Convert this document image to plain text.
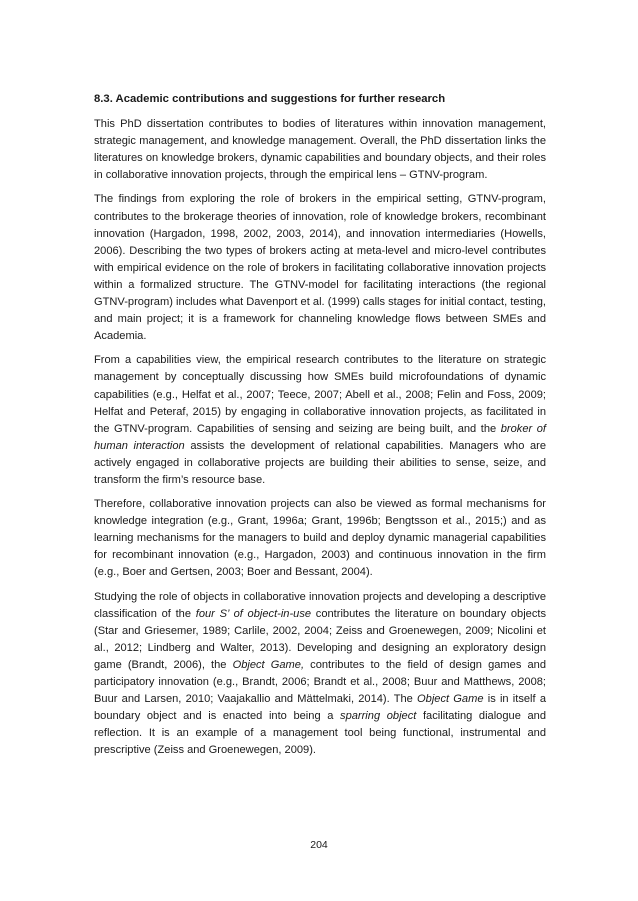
8.3. Academic contributions and suggestions for further research

This PhD dissertation contributes to bodies of literatures within innovation management, strategic management, and knowledge management. Overall, the PhD dissertation links the literatures on knowledge brokers, dynamic capabilities and boundary objects, and their roles in collaborative innovation projects, through the empirical lens – GTNV-program.

The findings from exploring the role of brokers in the empirical setting, GTNV-program, contributes to the brokerage theories of innovation, role of knowledge brokers, recombinant innovation (Hargadon, 1998, 2002, 2003, 2014), and innovation intermediaries (Howells, 2006). Describing the two types of brokers acting at meta-level and micro-level contributes with empirical evidence on the role of brokers in facilitating collaborative innovation projects within a formalized structure. The GTNV-model for facilitating interactions (the regional GTNV-program) includes what Davenport et al. (1999) calls stages for initial contact, testing, and main project; it is a framework for channeling knowledge flows between SMEs and Academia.

From a capabilities view, the empirical research contributes to the literature on strategic management by conceptually discussing how SMEs build microfoundations of dynamic capabilities (e.g., Helfat et al., 2007; Teece, 2007; Abell et al., 2008; Felin and Foss, 2009; Helfat and Peteraf, 2015) by engaging in collaborative innovation projects, as facilitated in the GTNV-program. Capabilities of sensing and seizing are being built, and the broker of human interaction assists the development of relational capabilities. Managers who are actively engaged in collaborative projects are building their abilities to sense, seize, and transform the firm’s resource base.

Therefore, collaborative innovation projects can also be viewed as formal mechanisms for knowledge integration (e.g., Grant, 1996a; Grant, 1996b; Bengtsson et al., 2015;) and as learning mechanisms for the managers to build and deploy dynamic managerial capabilities for recombinant innovation (e.g., Hargadon, 2003) and continuous innovation in the firm (e.g., Boer and Gertsen, 2003; Boer and Bessant, 2004).

Studying the role of objects in collaborative innovation projects and developing a descriptive classification of the four S’ of object-in-use contributes the literature on boundary objects (Star and Griesemer, 1989; Carlile, 2002, 2004; Zeiss and Groenewegen, 2009; Nicolini et al., 2012; Lindberg and Walter, 2013). Developing and designing an exploratory design game (Brandt, 2006), the Object Game, contributes to the field of design games and participatory innovation (e.g., Brandt, 2006; Brandt et al., 2008; Buur and Matthews, 2008; Buur and Larsen, 2010; Vaajakallio and Mättelmaki, 2014). The Object Game is in itself a boundary object and is enacted into being a sparring object facilitating dialogue and reflection. It is an example of a management tool being functional, instrumental and prescriptive (Zeiss and Groenewegen, 2009).

204
